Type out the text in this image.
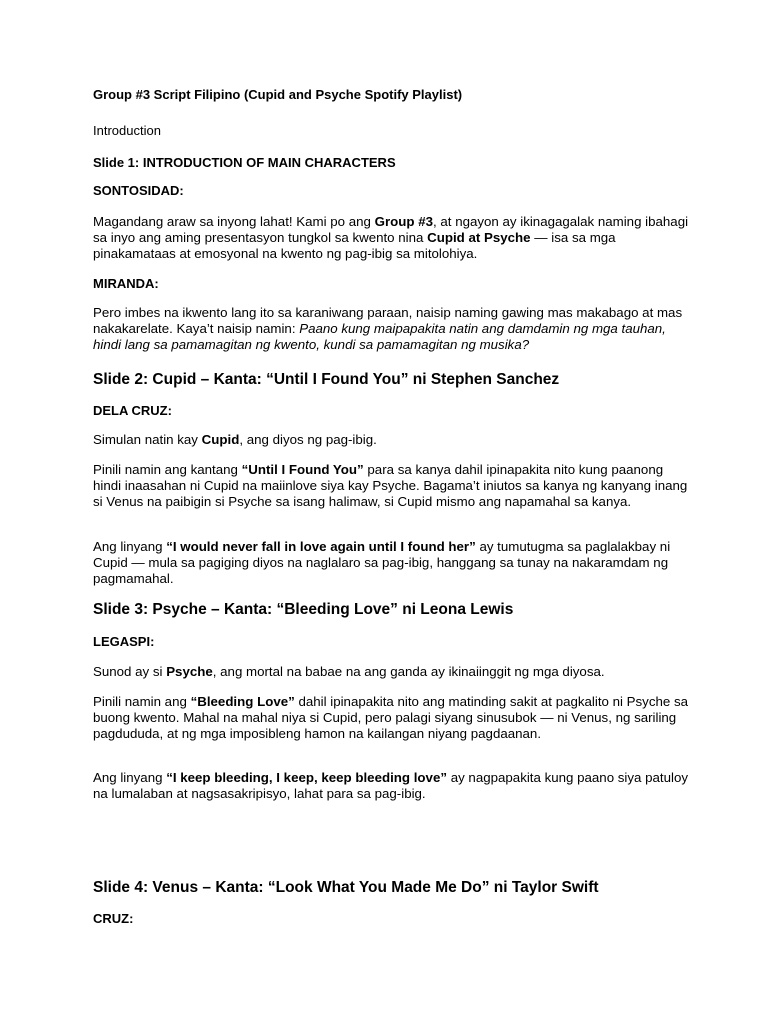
Group #3 Script Filipino (Cupid and Psyche Spotify Playlist)

Introduction

Slide 1: INTRODUCTION OF MAIN CHARACTERS

SONTOSIDAD:

Magandang araw sa inyong lahat! Kami po ang Group #3, at ngayon ay ikinagagalak naming ibahagi sa inyo ang aming presentasyon tungkol sa kwento nina Cupid at Psyche — isa sa mga pinakamataas at emosyonal na kwento ng pag-ibig sa mitolohiya.

MIRANDA:

Pero imbes na ikwento lang ito sa karaniwang paraan, naisip naming gawing mas makabago at mas nakakarelate. Kaya’t naisip namin: Paano kung maipapakita natin ang damdamin ng mga tauhan, hindi lang sa pamamagitan ng kwento, kundi sa pamamagitan ng musika?

Slide 2: Cupid – Kanta: “Until I Found You” ni Stephen Sanchez

DELA CRUZ:

Simulan natin kay Cupid, ang diyos ng pag-ibig.

Pinili namin ang kantang “Until I Found You” para sa kanya dahil ipinapakita nito kung paanong hindi inaasahan ni Cupid na maiinlove siya kay Psyche. Bagama’t iniutos sa kanya ng kanyang inang si Venus na paibigin si Psyche sa isang halimaw, si Cupid mismo ang napamahal sa kanya.

Ang linyang “I would never fall in love again until I found her” ay tumutugma sa paglalakbay ni Cupid — mula sa pagiging diyos na naglalaro sa pag-ibig, hanggang sa tunay na nakaramdam ng pagmamahal.

Slide 3: Psyche – Kanta: “Bleeding Love” ni Leona Lewis

LEGASPI:

Sunod ay si Psyche, ang mortal na babae na ang ganda ay ikinaiinggit ng mga diyosa.

Pinili namin ang “Bleeding Love” dahil ipinapakita nito ang matinding sakit at pagkalito ni Psyche sa buong kwento. Mahal na mahal niya si Cupid, pero palagi siyang sinusubok — ni Venus, ng sariling pagdududa, at ng mga imposibleng hamon na kailangan niyang pagdaanan.

Ang linyang “I keep bleeding, I keep, keep bleeding love” ay nagpapakita kung paano siya patuloy na lumalaban at nagsasakripisyo, lahat para sa pag-ibig.

Slide 4: Venus – Kanta: “Look What You Made Me Do” ni Taylor Swift

CRUZ:
